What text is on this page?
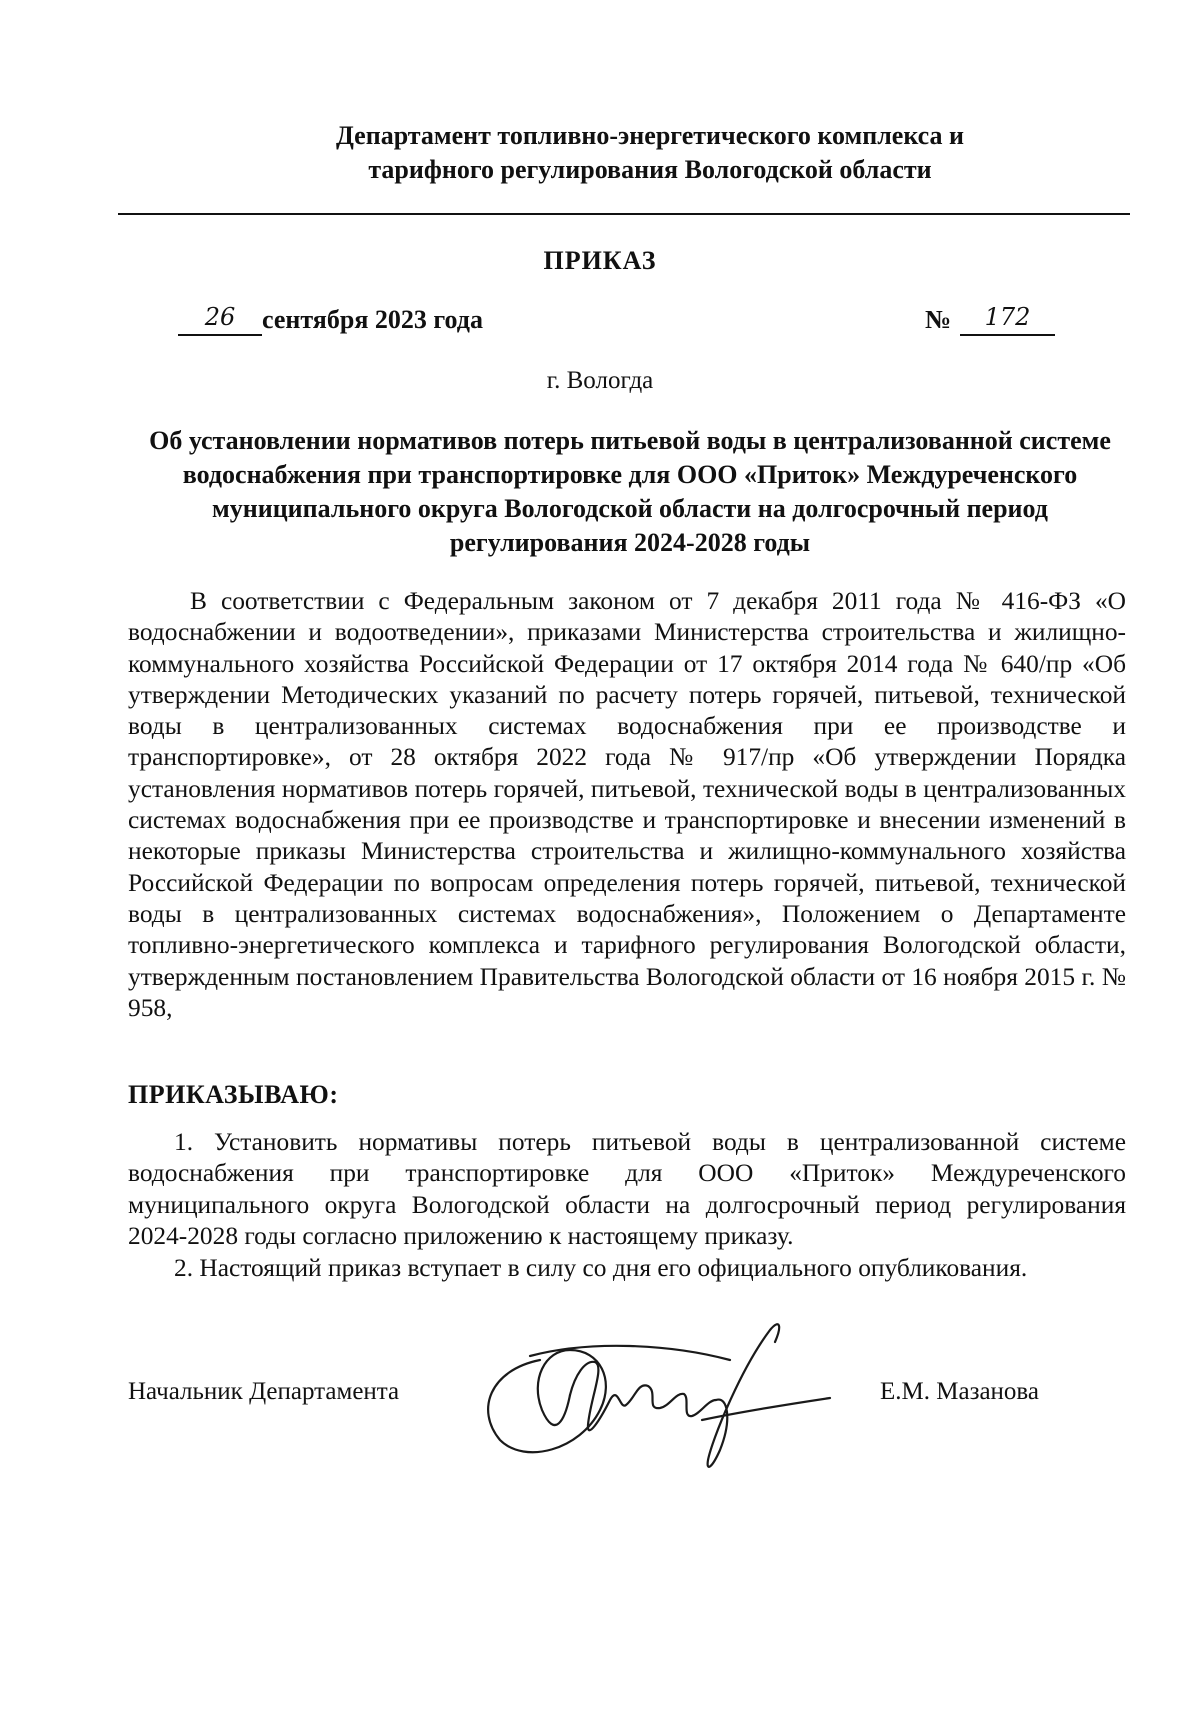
Департамент топливно-энергетического комплекса и
тарифного регулирования Вологодской области
ПРИКАЗ
26	сентября 2023 года	№	172
г. Вологда
Об установлении нормативов потерь питьевой воды в централизованной системе водоснабжения при транспортировке для ООО «Приток» Междуреченского муниципального округа Вологодской области на долгосрочный период регулирования 2024-2028 годы
В соответствии с Федеральным законом от 7 декабря 2011 года № 416-ФЗ «О водоснабжении и водоотведении», приказами Министерства строительства и жилищно-коммунального хозяйства Российской Федерации от 17 октября 2014 года № 640/пр «Об утверждении Методических указаний по расчету потерь горячей, питьевой, технической воды в централизованных системах водоснабжения при ее производстве и транспортировке», от 28 октября 2022 года № 917/пр «Об утверждении Порядка установления нормативов потерь горячей, питьевой, технической воды в централизованных системах водоснабжения при ее производстве и транспортировке и внесении изменений в некоторые приказы Министерства строительства и жилищно-коммунального хозяйства Российской Федерации по вопросам определения потерь горячей, питьевой, технической воды в централизованных системах водоснабжения», Положением о Департаменте топливно-энергетического комплекса и тарифного регулирования Вологодской области, утвержденным постановлением Правительства Вологодской области от 16 ноября 2015 г. № 958,
ПРИКАЗЫВАЮ:
1. Установить нормативы потерь питьевой воды в централизованной системе водоснабжения при транспортировке для ООО «Приток» Междуреченского муниципального округа Вологодской области на долгосрочный период регулирования 2024-2028 годы согласно приложению к настоящему приказу.
2. Настоящий приказ вступает в силу со дня его официального опубликования.
Начальник Департамента	Е.М. Мазанова
